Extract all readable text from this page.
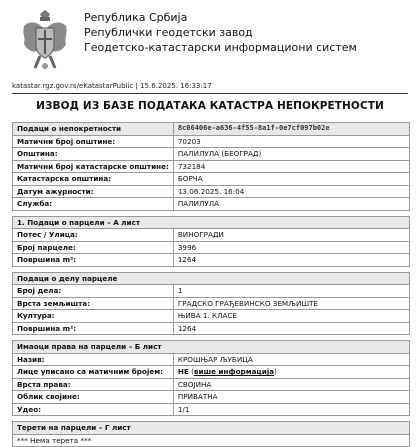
Република Србија
Републички геодетски завод
Геодетско-катастарски информациони систем
katastar.rgz.gov.rs/eKatastarPublic | 15.6.2025. 16:33:17
ИЗВОД ИЗ БАЗЕ ПОДАТАКА КАТАСТРА НЕПОКРЕТНОСТИ
Подаци о непокретности	8c06406e-a636-4f55-8a1f-0e7cf097b02e
Матични број општине:	70203
Општина:	ПАЛИЛУЛА (БЕОГРАД)
Матични број катастарске општине:	732184
Катастарска општина:	БОРЧА
Датум ажурности:	13.06.2025. 16:04
Служба:	ПАЛИЛУЛА

1. Подаци о парцели – А лист	
Потес / Улица:	ВИНОГРАДИ
Број парцеле:	3996
Површина m²:	1264

Подаци о делу парцеле	
Број дела:	1
Врста земљишта:	ГРАДСКО ГРАЂЕВИНСКО ЗЕМЉИШТЕ
Култура:	ЊИВА 1. КЛАСЕ
Површина m²:	1264

Имаоци права на парцели – Б лист	
Назив:	КРОШЊАР ЉУБИЦА
Лице уписано са матичним бројем:	НЕ (више информација)
Врста права:	СВОЈИНА
Облик својине:	ПРИВАТНА
Удео:	1/1

Терети на парцели – Г лист	
*** Нема терета ***	
